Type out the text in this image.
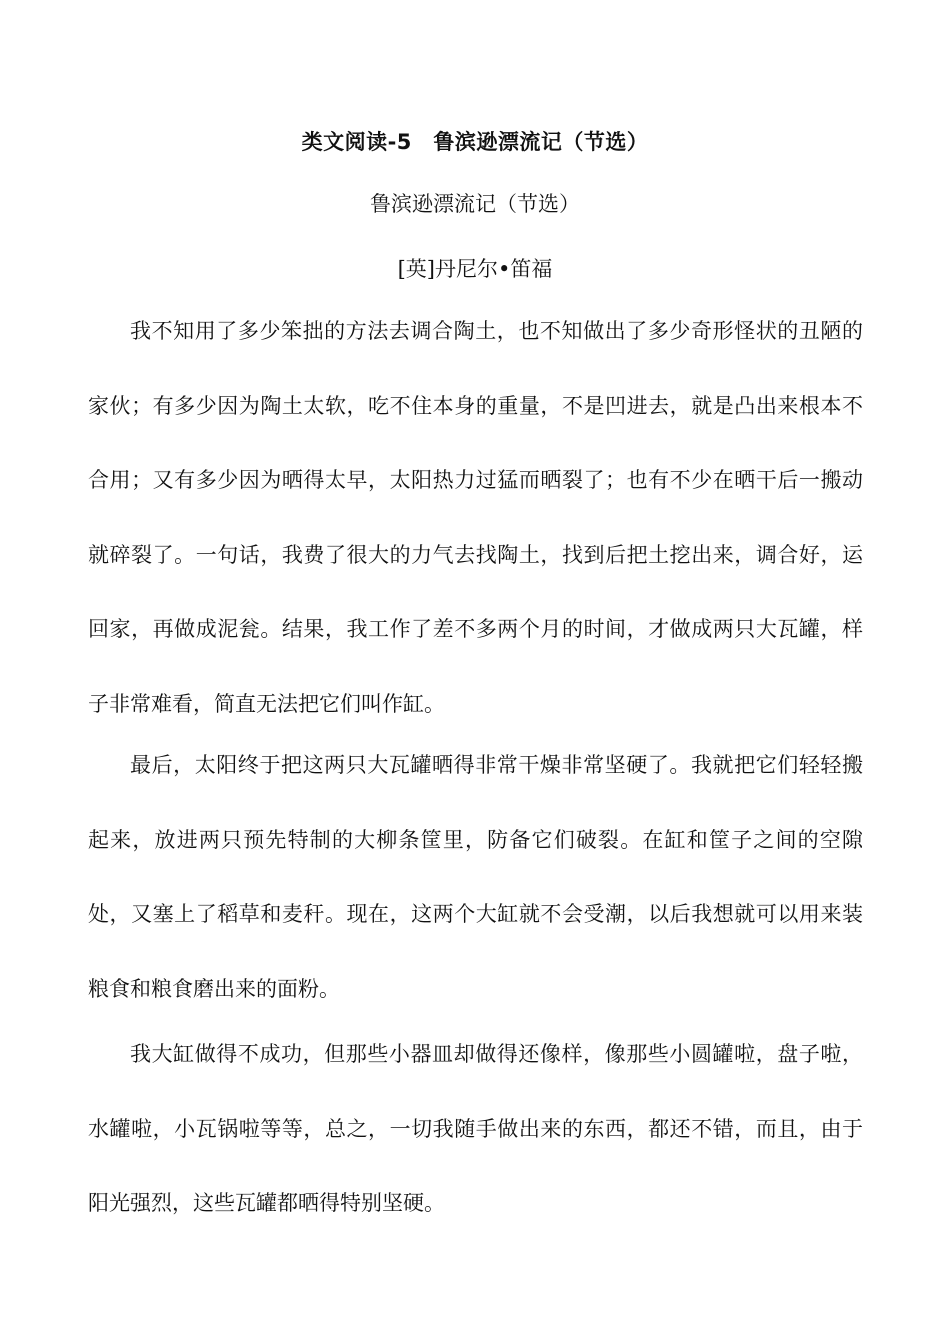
类文阅读-5　鲁滨逊漂流记（节选）
鲁滨逊漂流记（节选）
[英]丹尼尔•笛福

我不知用了多少笨拙的方法去调合陶土，也不知做出了多少奇形怪状的丑陋的家伙；有多少因为陶土太软，吃不住本身的重量，不是凹进去，就是凸出来根本不合用；又有多少因为晒得太早，太阳热力过猛而晒裂了；也有不少在晒干后一搬动就碎裂了。一句话，我费了很大的力气去找陶土，找到后把土挖出来，调合好，运回家，再做成泥瓮。结果，我工作了差不多两个月的时间，才做成两只大瓦罐，样子非常难看，简直无法把它们叫作缸。

最后，太阳终于把这两只大瓦罐晒得非常干燥非常坚硬了。我就把它们轻轻搬起来，放进两只预先特制的大柳条筐里，防备它们破裂。在缸和筐子之间的空隙处，又塞上了稻草和麦秆。现在，这两个大缸就不会受潮，以后我想就可以用来装粮食和粮食磨出来的面粉。

我大缸做得不成功，但那些小器皿却做得还像样，像那些小圆罐啦，盘子啦，水罐啦，小瓦锅啦等等，总之，一切我随手做出来的东西，都还不错，而且，由于阳光强烈，这些瓦罐都晒得特别坚硬。
